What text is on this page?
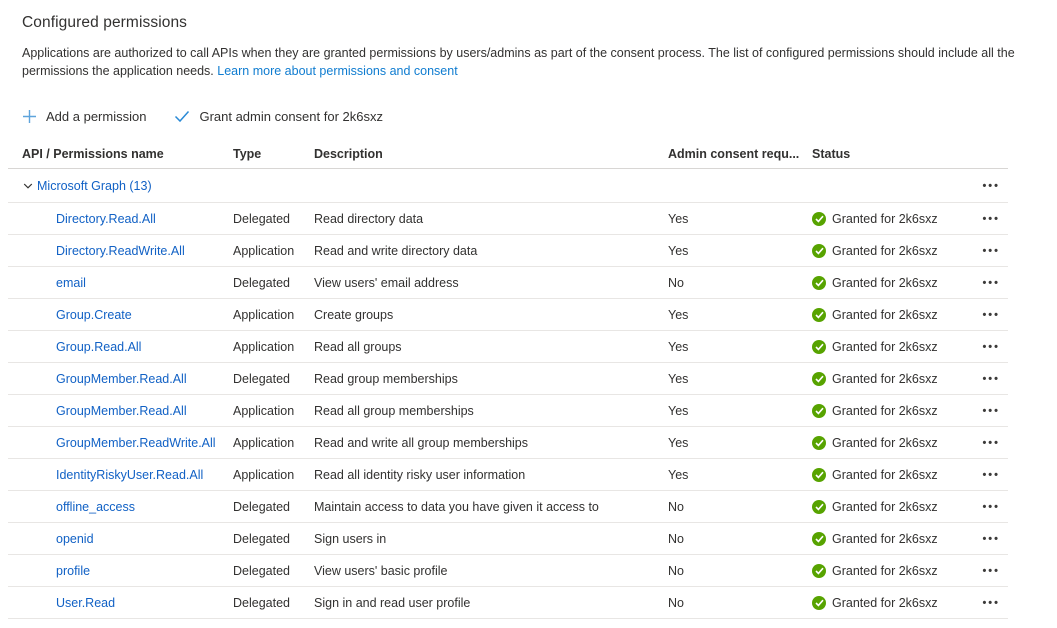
Configured permissions
Applications are authorized to call APIs when they are granted permissions by users/admins as part of the consent process. The list of configured permissions should include all the permissions the application needs. Learn more about permissions and consent
Add a permission	Grant admin consent for 2k6sxz
API / Permissions name	Type	Description	Admin consent requ...	Status
Microsoft Graph (13)	•••
Directory.Read.All	Delegated	Read directory data	Yes	Granted for 2k6sxz	•••
Directory.ReadWrite.All	Application	Read and write directory data	Yes	Granted for 2k6sxz	•••
email	Delegated	View users' email address	No	Granted for 2k6sxz	•••
Group.Create	Application	Create groups	Yes	Granted for 2k6sxz	•••
Group.Read.All	Application	Read all groups	Yes	Granted for 2k6sxz	•••
GroupMember.Read.All	Delegated	Read group memberships	Yes	Granted for 2k6sxz	•••
GroupMember.Read.All	Application	Read all group memberships	Yes	Granted for 2k6sxz	•••
GroupMember.ReadWrite.All Application	Read and write all group memberships	Yes	Granted for 2k6sxz	•••
IdentityRiskyUser.Read.All Application	Read all identity risky user information	Yes	Granted for 2k6sxz	•••
offline_access	Delegated	Maintain access to data you have given it access to	No	Granted for 2k6sxz	•••
openid	Delegated	Sign users in	No	Granted for 2k6sxz	•••
profile	Delegated	View users' basic profile	No	Granted for 2k6sxz	•••
User.Read	Delegated	Sign in and read user profile	No	Granted for 2k6sxz	•••
